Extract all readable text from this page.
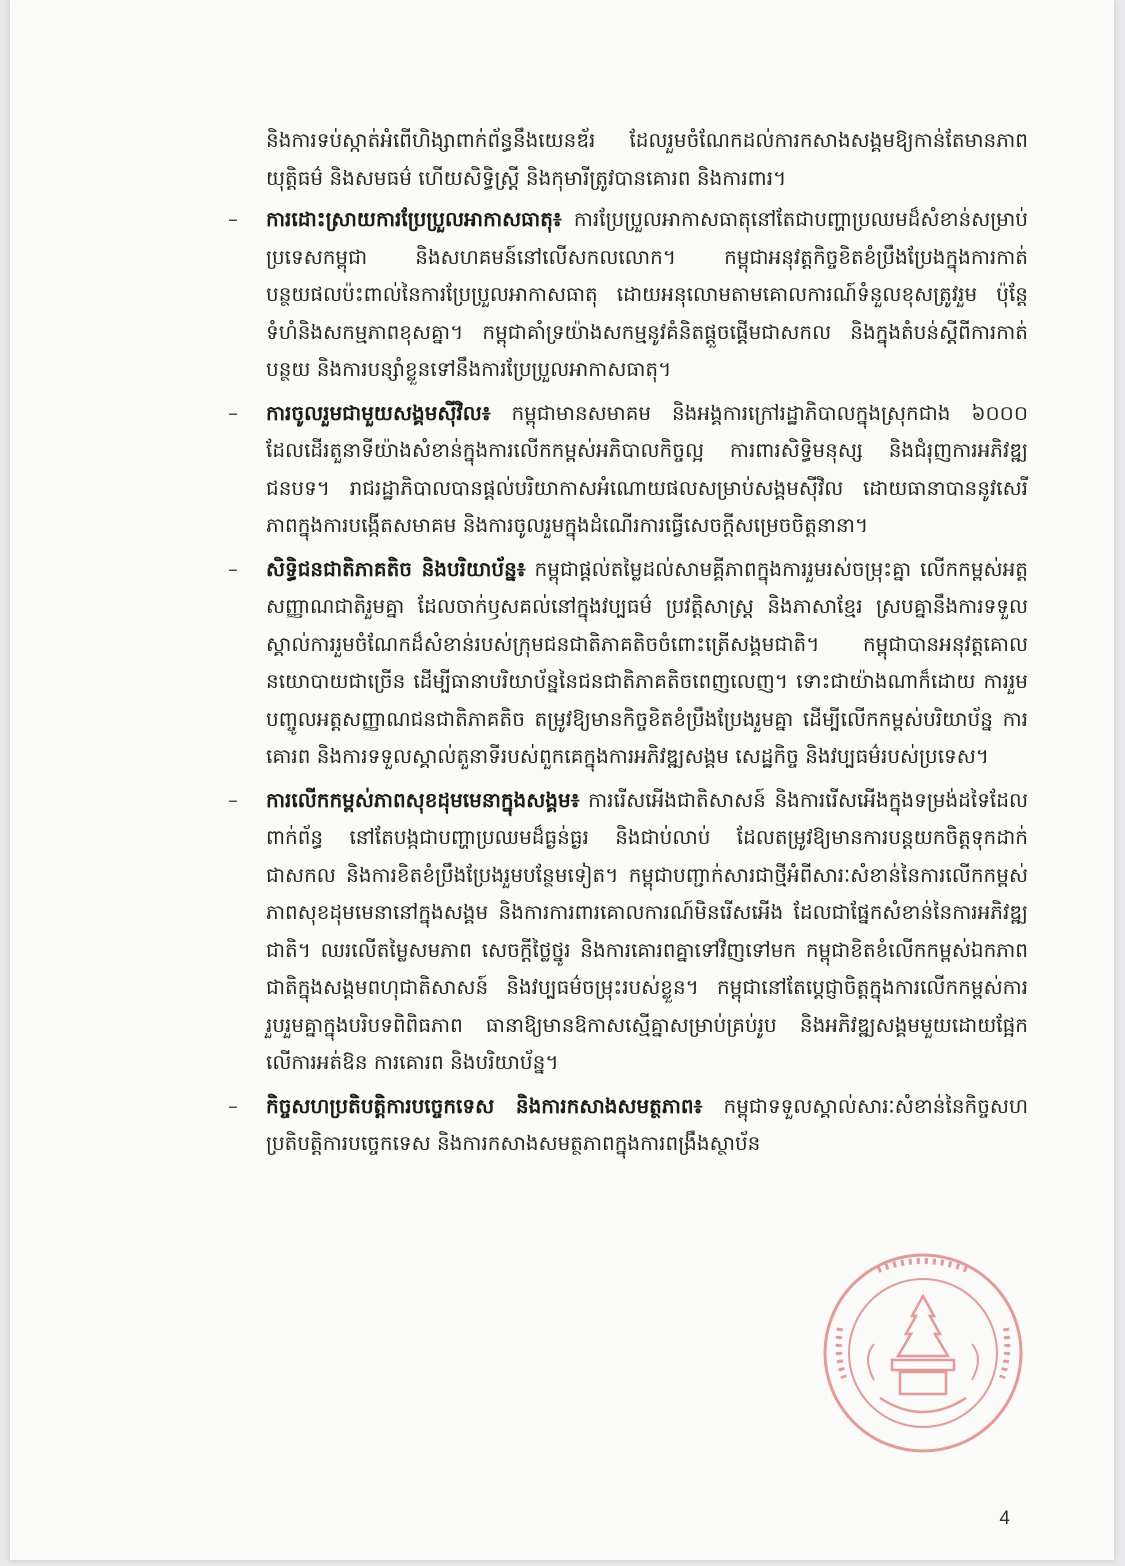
និងការទប់ស្កាត់អំពើហិង្សាពាក់ព័ន្ធនឹងយេនឌ័រ ដែលរួមចំណែកដល់ការកសាងសង្គមឱ្យកាន់តែមានភាពយុត្តិធម៌ និងសមធម៌ ហើយសិទ្ធិស្ត្រី និងកុមារីត្រូវបានគោរព និងការពារ។

–	ការដោះស្រាយការប្រែប្រួលអាកាសធាតុ៖ ការប្រែប្រួលអាកាសធាតុនៅតែជាបញ្ហាប្រឈមដ៏សំខាន់សម្រាប់ប្រទេសកម្ពុជា និងសហគមន៍នៅលើសកលលោក។ កម្ពុជាអនុវត្តកិច្ចខិតខំប្រឹងប្រែងក្នុងការកាត់បន្ថយផលប៉ះពាល់នៃការប្រែប្រួលអាកាសធាតុ ដោយអនុលោមតាមគោលការណ៍ទំនួលខុសត្រូវរួម ប៉ុន្តែទំហំនិងសកម្មភាពខុសគ្នា។ កម្ពុជាគាំទ្រយ៉ាងសកម្មនូវគំនិតផ្តួចផ្តើមជាសកល និងក្នុងតំបន់ស្តីពីការកាត់បន្ថយ និងការបន្សាំខ្លួនទៅនឹងការប្រែប្រួលអាកាសធាតុ។
–	ការចូលរួមជាមួយសង្គមស៊ីវិល៖ កម្ពុជាមានសមាគម និងអង្គការក្រៅរដ្ឋាភិបាលក្នុងស្រុកជាង ៦០០០ ដែលដើរតួនាទីយ៉ាងសំខាន់ក្នុងការលើកកម្ពស់អភិបាលកិច្ចល្អ ការពារសិទ្ធិមនុស្ស និងជំរុញការអភិវឌ្ឍជនបទ។ រាជរដ្ឋាភិបាលបានផ្តល់បរិយាកាសអំណោយផលសម្រាប់សង្គមស៊ីវិល ដោយធានាបាននូវសេរីភាពក្នុងការបង្កើតសមាគម និងការចូលរួមក្នុងដំណើរការធ្វើសេចក្តីសម្រេចចិត្តនានា។
–	សិទ្ធិជនជាតិភាគតិច និងបរិយាប័ន្ន៖ កម្ពុជាផ្តល់តម្លៃដល់សាមគ្គីភាពក្នុងការរួមរស់ចម្រុះគ្នា លើកកម្ពស់អត្តសញ្ញាណជាតិរួមគ្នា ដែលចាក់ឫសគល់នៅក្នុងវប្បធម៌ ប្រវត្តិសាស្ត្រ និងភាសាខ្មែរ ស្របគ្នានឹងការទទួលស្គាល់ការរួមចំណែកដ៏សំខាន់របស់ក្រុមជនជាតិភាគតិចចំពោះត្រើសង្គមជាតិ។ កម្ពុជាបានអនុវត្តគោលនយោបាយជាច្រើន ដើម្បីធានាបរិយាប័ន្ននៃជនជាតិភាគតិចពេញលេញ។ ទោះជាយ៉ាងណាក៏ដោយ ការរួមបញ្ចូលអត្តសញ្ញាណជនជាតិភាគតិច តម្រូវឱ្យមានកិច្ចខិតខំប្រឹងប្រែងរួមគ្នា ដើម្បីលើកកម្ពស់បរិយាប័ន្ន ការគោរព និងការទទួលស្គាល់តួនាទីរបស់ពួកគេក្នុងការអភិវឌ្ឍសង្គម សេដ្ឋកិច្ច និងវប្បធម៌របស់ប្រទេស។
–	ការលើកកម្ពស់ភាពសុខដុមមេនាក្នុងសង្គម៖ ការរើសអើងជាតិសាសន៍ និងការរើសអើងក្នុងទម្រង់ដទៃដែលពាក់ព័ន្ធ នៅតែបង្កជាបញ្ហាប្រឈមដ៏ធ្ងន់ធ្ងរ និងជាប់លាប់ ដែលតម្រូវឱ្យមានការបន្តយកចិត្តទុកដាក់ជាសកល និងការខិតខំប្រឹងប្រែងរួមបន្ថែមទៀត។ កម្ពុជាបញ្ជាក់សារជាថ្មីអំពីសារៈសំខាន់នៃការលើកកម្ពស់ភាពសុខដុមមេនានៅក្នុងសង្គម និងការការពារគោលការណ៍មិនរើសអើង ដែលជាផ្នែកសំខាន់នៃការអភិវឌ្ឍជាតិ។ ឈរលើតម្លៃសមភាព សេចក្តីថ្លៃថ្នូរ និងការគោរពគ្នាទៅវិញទៅមក កម្ពុជាខិតខំលើកកម្ពស់ឯកភាពជាតិក្នុងសង្គមពហុជាតិសាសន៍ និងវប្បធម៌ចម្រុះរបស់ខ្លួន។ កម្ពុជានៅតែប្តេជ្ញាចិត្តក្នុងការលើកកម្ពស់ការរួបរួមគ្នាក្នុងបរិបទពិពិធភាព ធានាឱ្យមានឱកាសស្មើគ្នាសម្រាប់គ្រប់រូប និងអភិវឌ្ឍសង្គមមួយដោយផ្អែកលើការអត់ឱន ការគោរព និងបរិយាប័ន្ន។
–	កិច្ចសហប្រតិបត្តិការបច្ចេកទេស និងការកសាងសមត្ថភាព៖ កម្ពុជាទទួលស្គាល់សារៈសំខាន់នៃកិច្ចសហប្រតិបត្តិការបច្ចេកទេស និងការកសាងសមត្ថភាពក្នុងការពង្រឹងស្ថាប័ន
4
